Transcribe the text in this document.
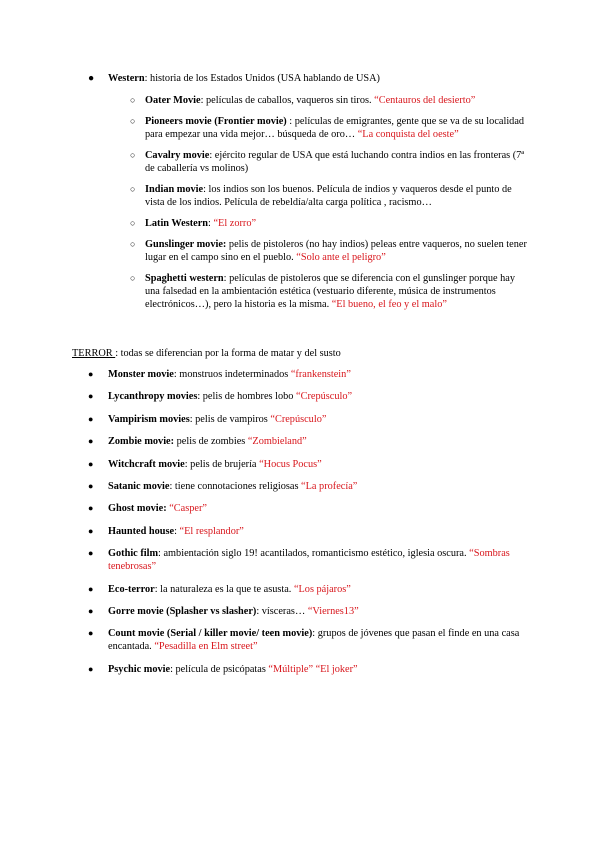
● Western: historia de los Estados Unidos (USA hablando de USA)
○ Oater Movie: películas de caballos, vaqueros sin tiros. “Centauros del desierto”
○ Pioneers movie (Frontier movie) : películas de emigrantes, gente que se va de su localidad para empezar una vida mejor… búsqueda de oro… “La conquista del oeste”
○ Cavalry movie: ejército regular de USA que está luchando contra indios en las fronteras (7ª de caballería vs molinos)
○ Indian movie: los indios son los buenos. Película de indios y vaqueros desde el punto de vista de los indios. Película de rebeldía/alta carga política , racismo…
○ Latin Western: “El zorro”
○ Gunslinger movie: pelis de pistoleros (no hay indios) peleas entre vaqueros, no suelen tener lugar en el campo sino en el pueblo. “Solo ante el peligro”
○ Spaghetti western: películas de pistoleros que se diferencia con el gunslinger porque hay una falsedad en la ambientación estética (vestuario diferente, música de instrumentos electrónicos…), pero la historia es la misma. “El bueno, el feo y el malo”
TERROR : todas se diferencian por la forma de matar y del susto
● Monster movie: monstruos indeterminados “frankenstein”
● Lycanthropy movies: pelis de hombres lobo “Crepúsculo”
● Vampirism movies: pelis de vampiros “Crepúsculo”
● Zombie movie: pelis de zombies “Zombieland”
● Witchcraft movie: pelis de brujería “Hocus Pocus”
● Satanic movie: tiene connotaciones religiosas “La profecía”
● Ghost movie: “Casper”
● Haunted house: “El resplandor”
● Gothic film: ambientación siglo 19! acantilados, romanticismo estético, iglesia oscura. “Sombras tenebrosas”
● Eco-terror: la naturaleza es la que te asusta. “Los pájaros”
● Gorre movie (Splasher vs slasher): vísceras… “Viernes13”
● Count movie (Serial / killer movie/ teen movie): grupos de jóvenes que pasan el finde en una casa encantada. “Pesadilla en Elm street”
● Psychic movie: película de psicópatas “Múltiple” “El joker”
